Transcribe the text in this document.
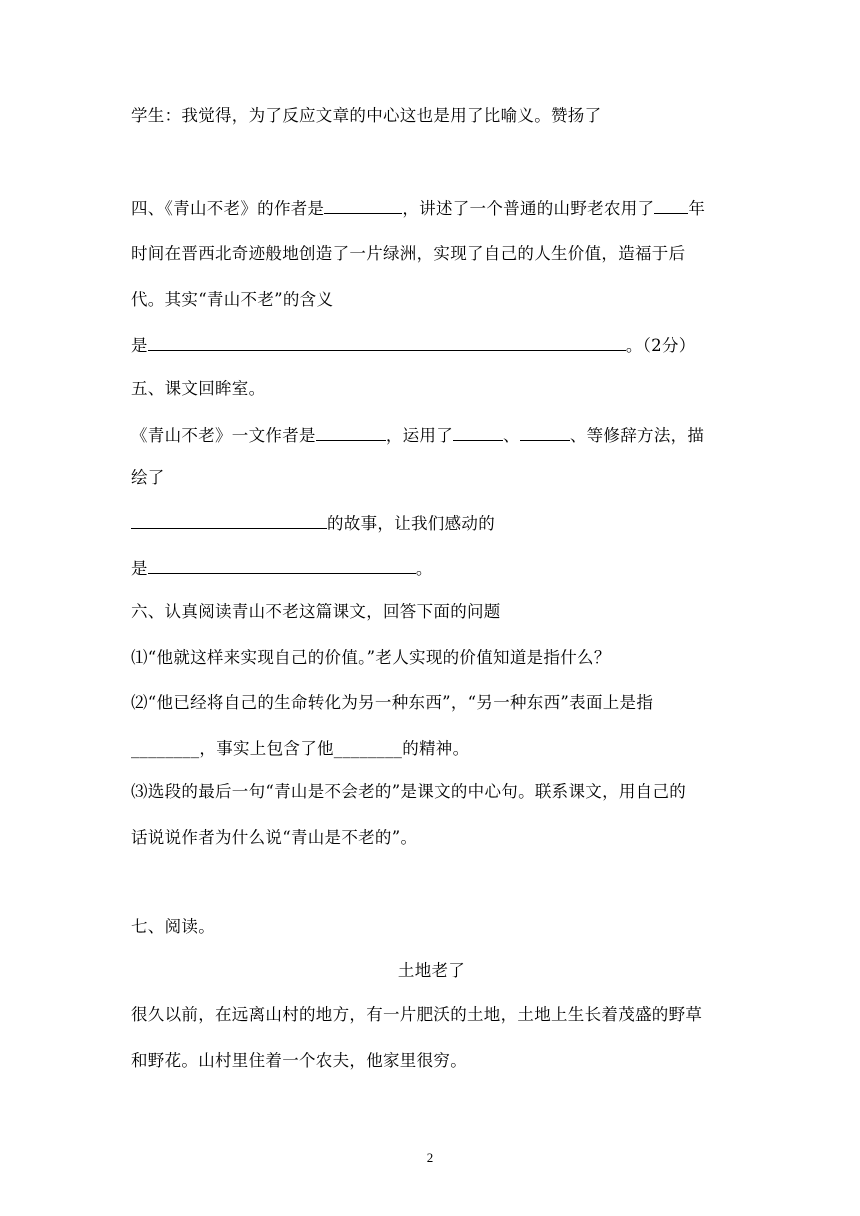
学生：我觉得，为了反应文章的中心这也是用了比喻义。赞扬了
四、《青山不老》的作者是	，讲述了一个普通的山野老农用了 年
时间在晋西北奇迹般地创造了一片绿洲，实现了自己的人生价值，造福于后
代。其实“青山不老”的含义
是	。（2分）
五、课文回眸室。
《青山不老》一文作者是	，运用了	、	、等修辞方法，描
绘了
的故事，让我们感动的
是	。
六、认真阅读青山不老这篇课文，回答下面的问题
⑴“他就这样来实现自己的价值。”老人实现的价值知道是指什么？
⑵“他已经将自己的生命转化为另一种东西”，“另一种东西”表面上是指
________，事实上包含了他________的精神。
⑶选段的最后一句“青山是不会老的”是课文的中心句。联系课文，用自己的
话说说作者为什么说“青山是不老的”。
七、阅读。
土地老了
很久以前，在远离山村的地方，有一片肥沃的土地，土地上生长着茂盛的野草
和野花。山村里住着一个农夫，他家里很穷。
2
